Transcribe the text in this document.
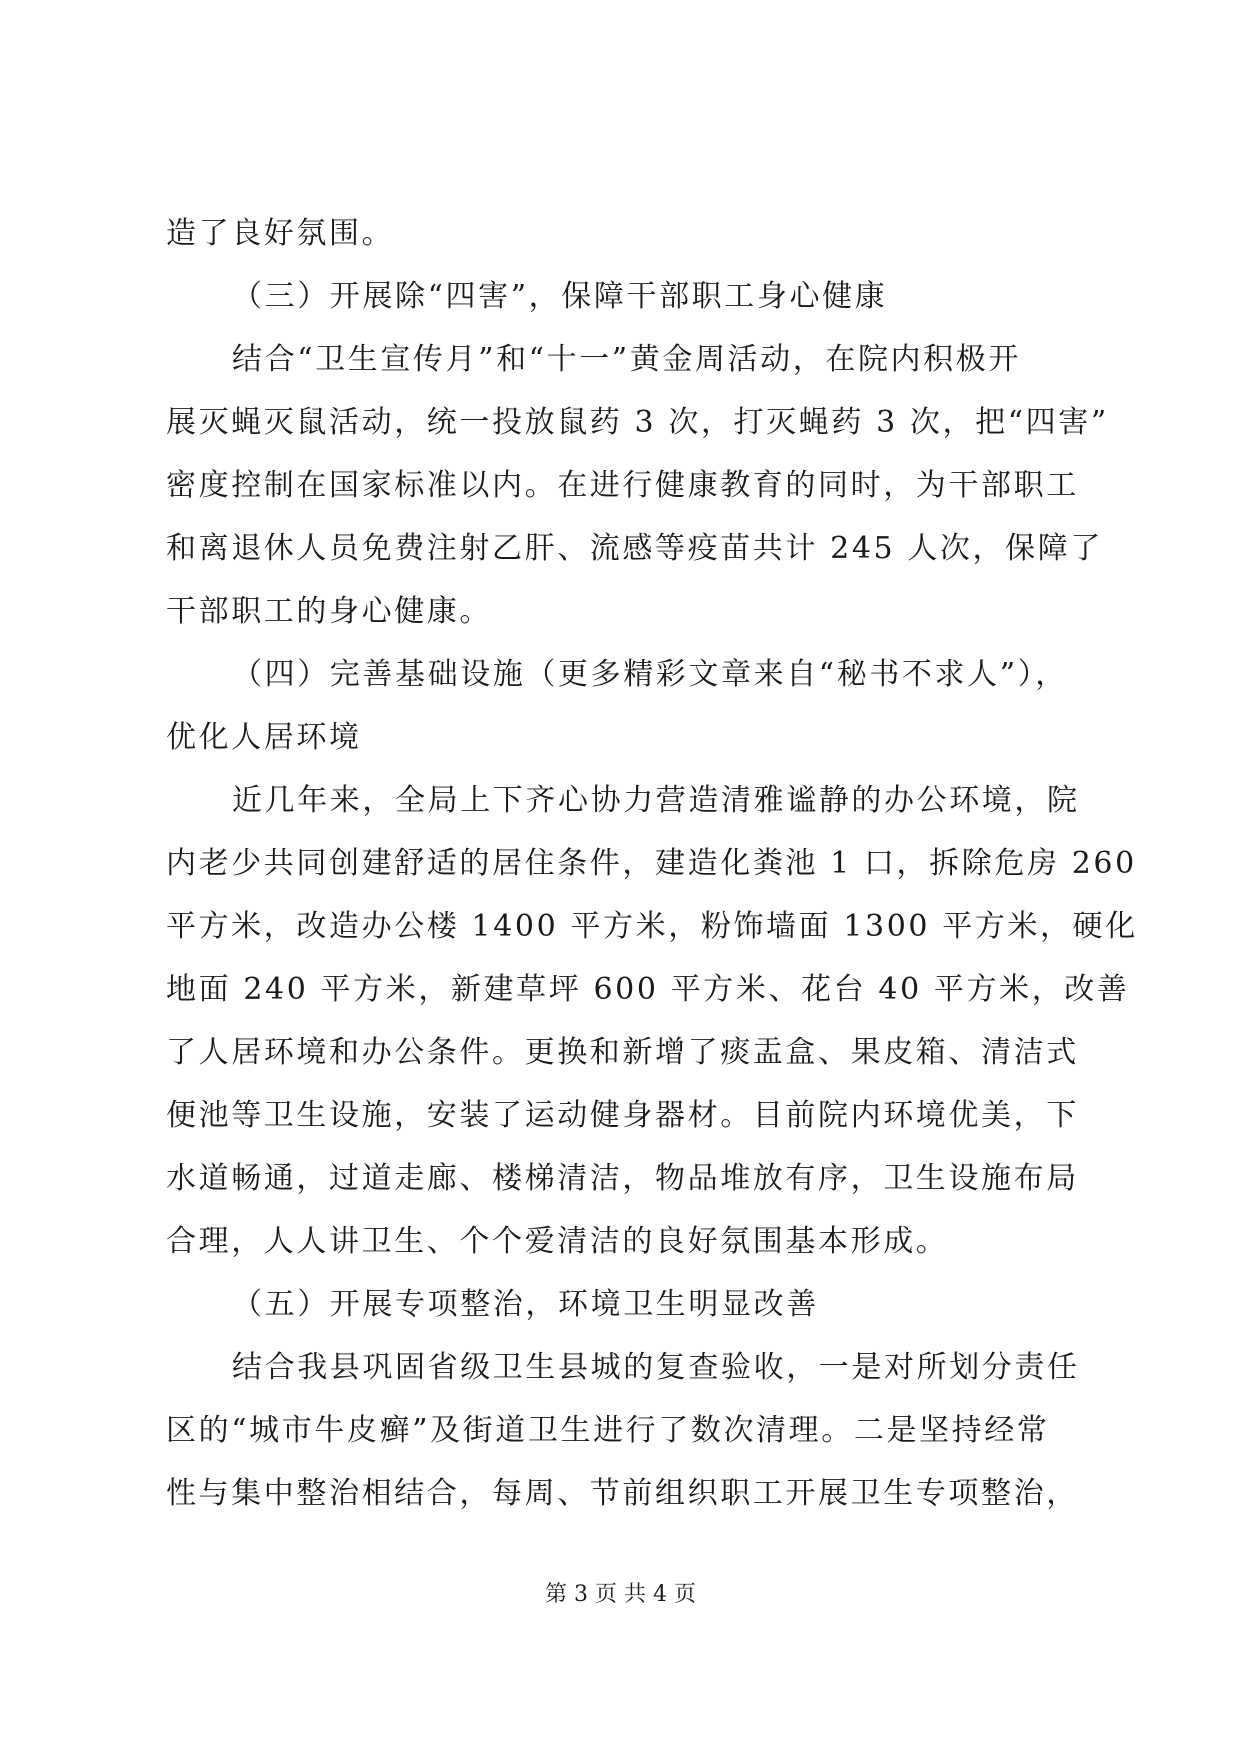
造了良好氛围。
（三）开展除“四害”，保障干部职工身心健康
结合“卫生宣传月”和“十一”黄金周活动，在院内积极开
展灭蝇灭鼠活动，统一投放鼠药 3 次，打灭蝇药 3 次，把“四害”
密度控制在国家标准以内。在进行健康教育的同时，为干部职工
和离退休人员免费注射乙肝、流感等疫苗共计 245 人次，保障了
干部职工的身心健康。
（四）完善基础设施（更多精彩文章来自“秘书不求人”），
优化人居环境
近几年来，全局上下齐心协力营造清雅谧静的办公环境，院
内老少共同创建舒适的居住条件，建造化粪池 1 口，拆除危房 260
平方米，改造办公楼 1400 平方米，粉饰墙面 1300 平方米，硬化
地面 240 平方米，新建草坪 600 平方米、花台 40 平方米，改善
了人居环境和办公条件。更换和新增了痰盂盒、果皮箱、清洁式
便池等卫生设施，安装了运动健身器材。目前院内环境优美，下
水道畅通，过道走廊、楼梯清洁，物品堆放有序，卫生设施布局
合理，人人讲卫生、个个爱清洁的良好氛围基本形成。
（五）开展专项整治，环境卫生明显改善
结合我县巩固省级卫生县城的复查验收，一是对所划分责任
区的“城市牛皮癣”及街道卫生进行了数次清理。二是坚持经常
性与集中整治相结合，每周、节前组织职工开展卫生专项整治，
第 3 页 共 4 页
